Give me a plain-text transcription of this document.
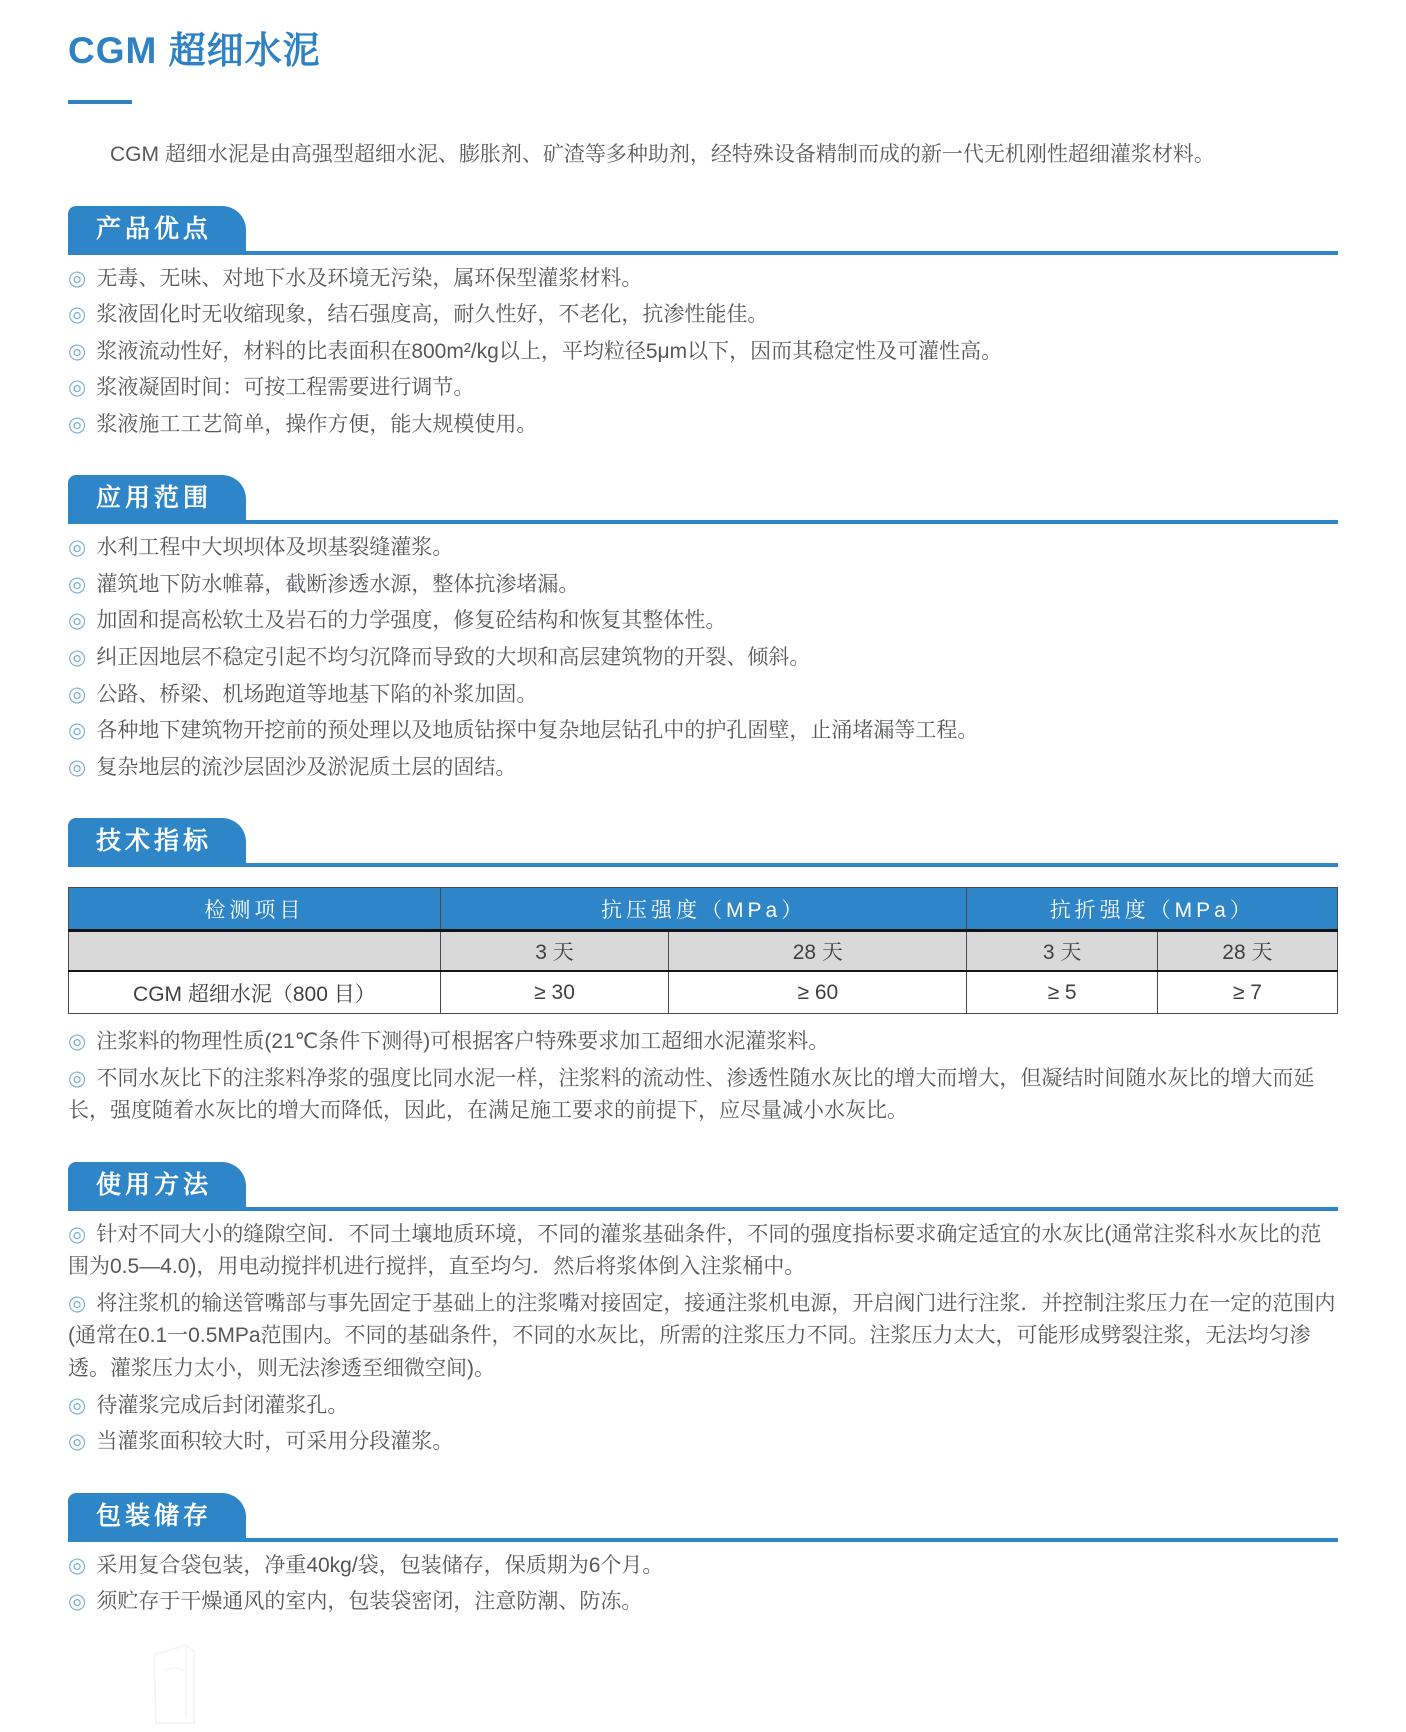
CGM 超细水泥

CGM 超细水泥是由高强型超细水泥、膨胀剂、矿渣等多种助剂，经特殊设备精制而成的新一代无机刚性超细灌浆材料。

产品优点

◎ 无毒、无味、对地下水及环境无污染，属环保型灌浆材料。

◎ 浆液固化时无收缩现象，结石强度高，耐久性好，不老化，抗渗性能佳。

◎ 浆液流动性好，材料的比表面积在800m²/kg以上，平均粒径5μm以下，因而其稳定性及可灌性高。

◎ 浆液凝固时间：可按工程需要进行调节。

◎ 浆液施工工艺简单，操作方便，能大规模使用。

应用范围

◎ 水利工程中大坝坝体及坝基裂缝灌浆。

◎ 灌筑地下防水帷幕，截断渗透水源，整体抗渗堵漏。

◎ 加固和提高松软土及岩石的力学强度，修复砼结构和恢复其整体性。

◎ 纠正因地层不稳定引起不均匀沉降而导致的大坝和高层建筑物的开裂、倾斜。

◎ 公路、桥梁、机场跑道等地基下陷的补浆加固。

◎ 各种地下建筑物开挖前的预处理以及地质钻探中复杂地层钻孔中的护孔固壁，止涌堵漏等工程。

◎ 复杂地层的流沙层固沙及淤泥质土层的固结。

技术指标
检测项目	抗压强度（MPa）		抗折强度（MPa）	
	3 天	28 天	3 天	28 天
CGM 超细水泥（800 目）	≥ 30	≥ 60	≥ 5	≥ 7

◎ 注浆料的物理性质(21℃条件下测得)可根据客户特殊要求加工超细水泥灌浆料。

◎ 不同水灰比下的注浆料净浆的强度比同水泥一样，注浆料的流动性、渗透性随水灰比的增大而增大，但凝结时间随水灰比的增大而延长，强度随着水灰比的增大而降低，因此，在满足施工要求的前提下，应尽量减小水灰比。

使用方法

◎ 针对不同大小的缝隙空间．不同土壤地质环境，不同的灌浆基础条件，不同的强度指标要求确定适宜的水灰比(通常注浆科水灰比的范围为0.5—4.0)，用电动搅拌机进行搅拌，直至均匀．然后将浆体倒入注浆桶中。

◎ 将注浆机的输送管嘴部与事先固定于基础上的注浆嘴对接固定，接通注浆机电源，开启阀门进行注浆．并控制注浆压力在一定的范围内(通常在0.1一0.5MPa范围内。不同的基础条件，不同的水灰比，所需的注浆压力不同。注浆压力太大，可能形成劈裂注浆，无法均匀渗透。灌浆压力太小，则无法渗透至细微空间)。

◎ 待灌浆完成后封闭灌浆孔。

◎ 当灌浆面积较大时，可采用分段灌浆。

包装储存

◎ 采用复合袋包装，净重40kg/袋，包装储存，保质期为6个月。

◎ 须贮存于干燥通风的室内，包装袋密闭，注意防潮、防冻。
